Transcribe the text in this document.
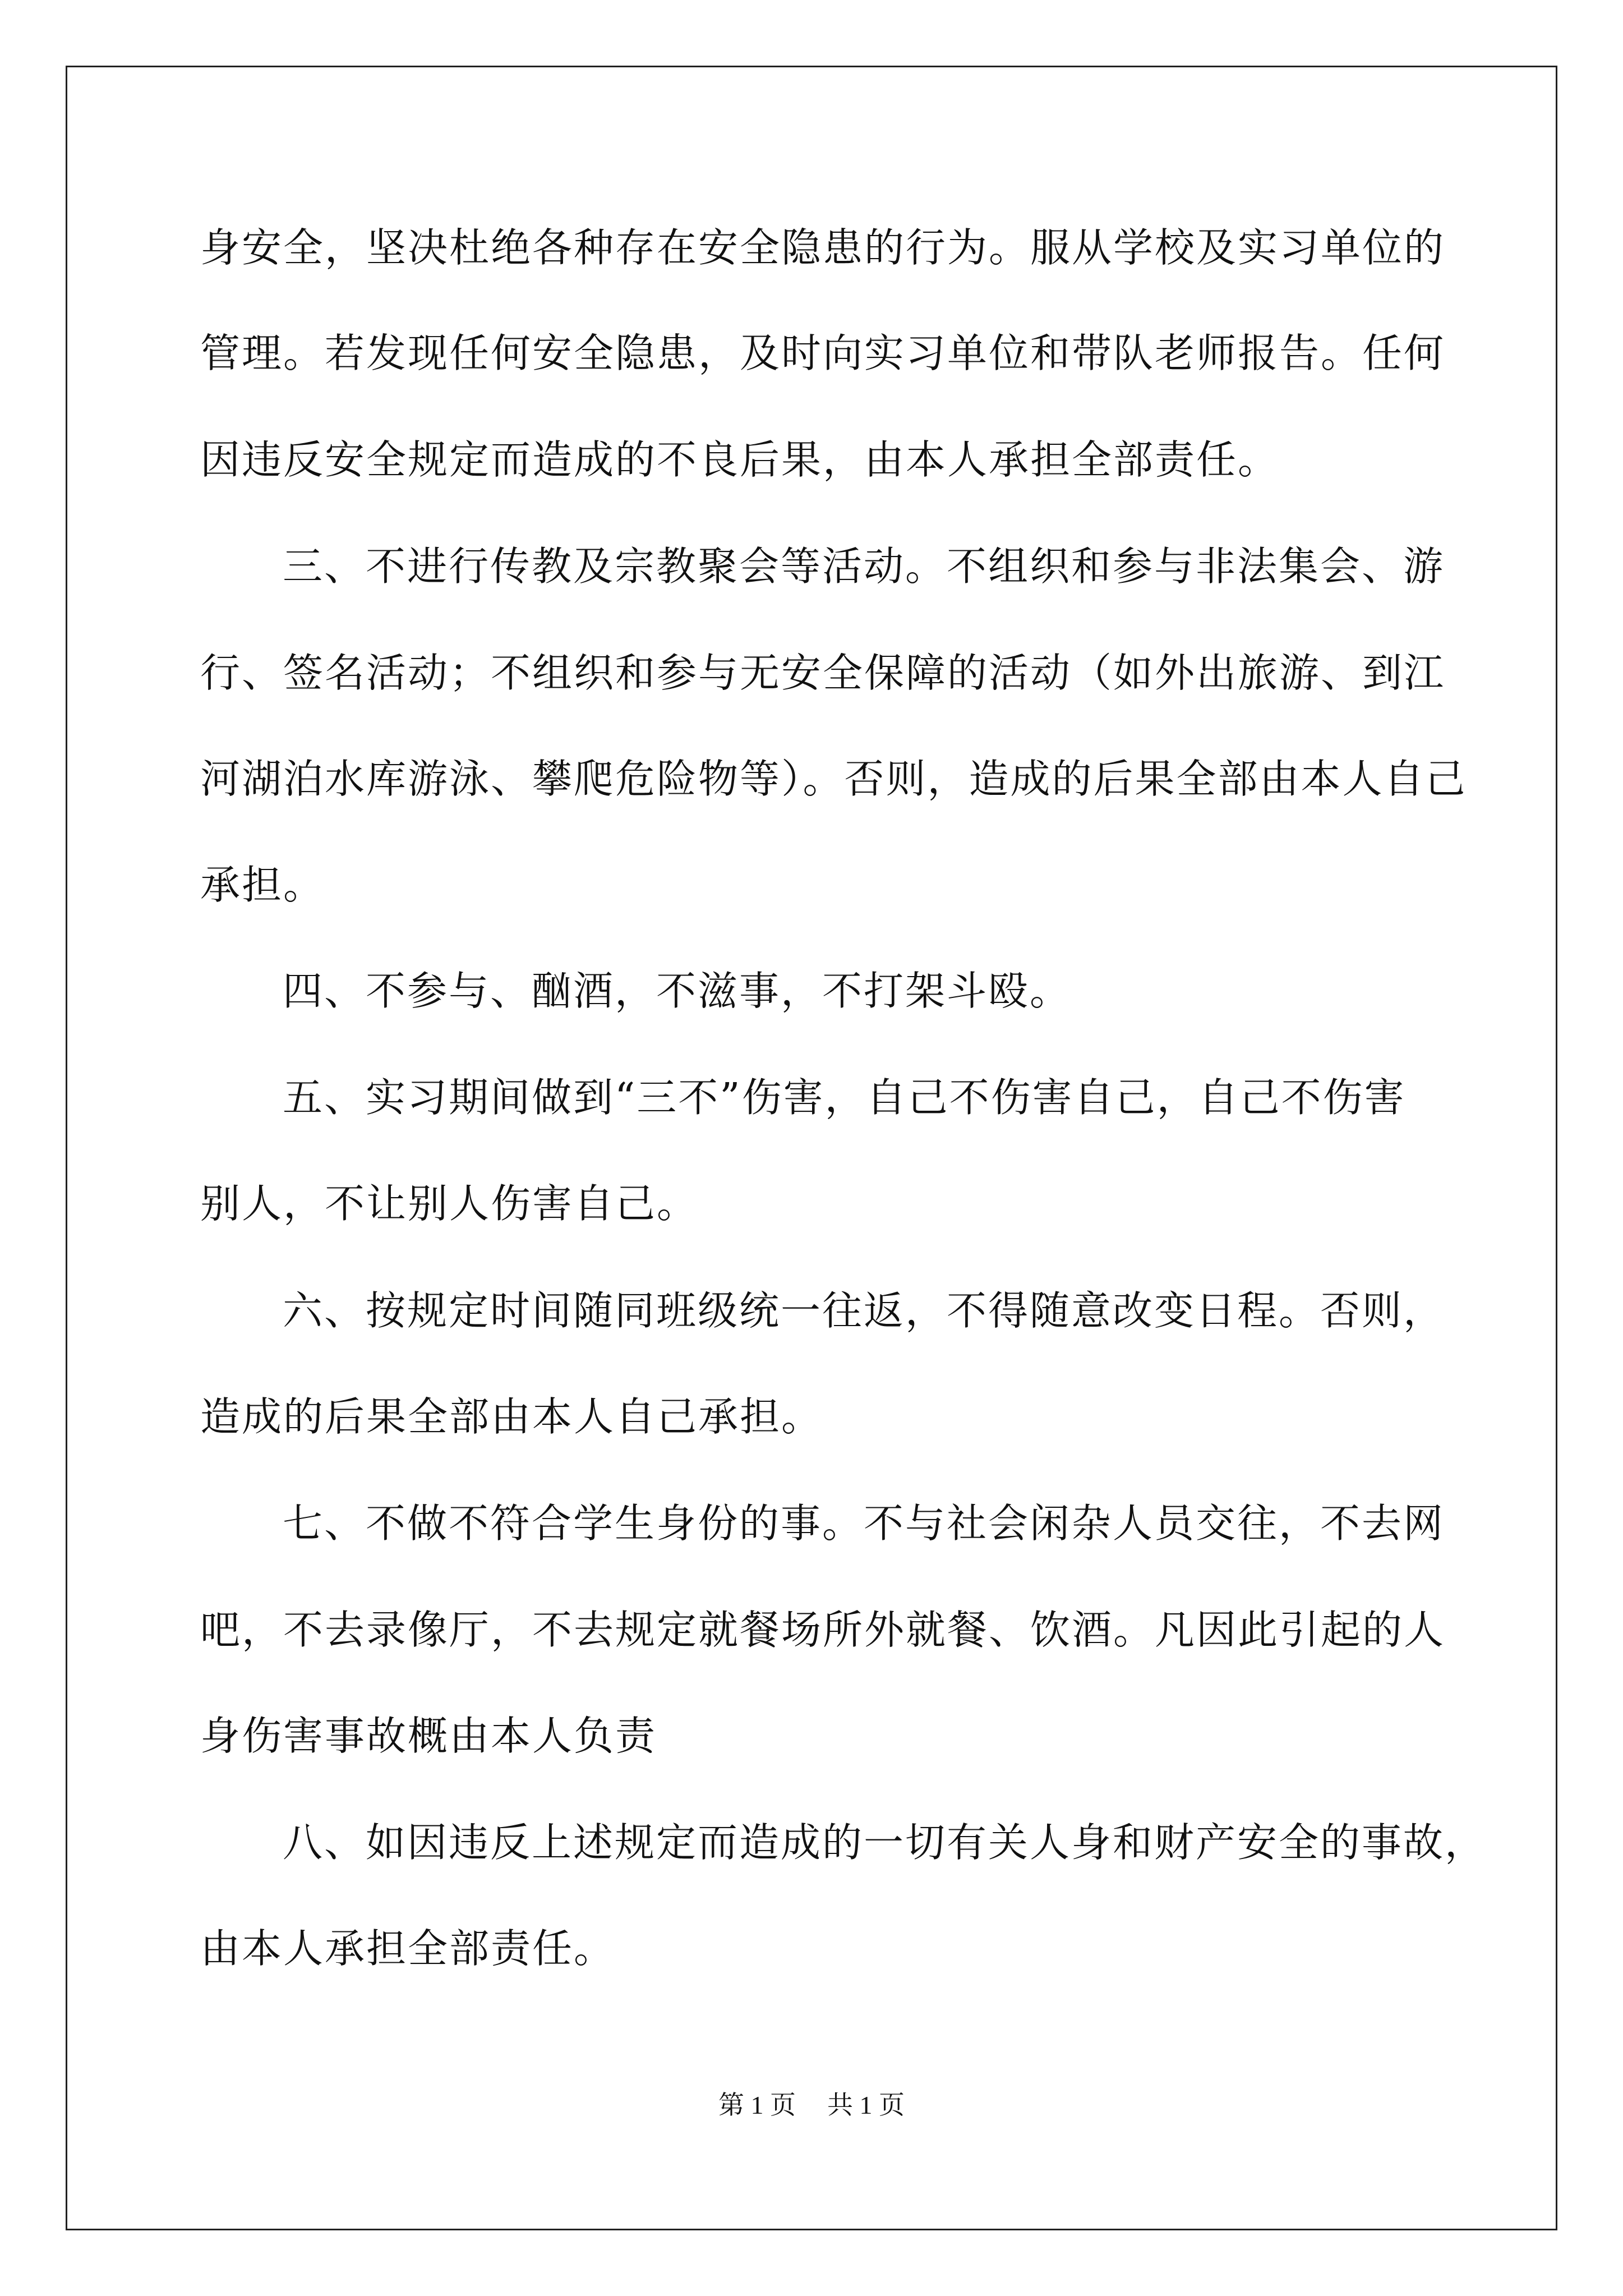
身安全，坚决杜绝各种存在安全隐患的行为。服从学校及实习单位的
管理。若发现任何安全隐患，及时向实习单位和带队老师报告。任何
因违反安全规定而造成的不良后果，由本人承担全部责任。
三、不进行传教及宗教聚会等活动。不组织和参与非法集会、游
行、签名活动；不组织和参与无安全保障的活动（如外出旅游、到江
河湖泊水库游泳、攀爬危险物等）。否则，造成的后果全部由本人自己
承担。
四、不参与、酗酒，不滋事，不打架斗殴。
五、实习期间做到“三不”伤害，自己不伤害自己，自己不伤害
别人，不让别人伤害自己。
六、按规定时间随同班级统一往返，不得随意改变日程。否则，
造成的后果全部由本人自己承担。
七、不做不符合学生身份的事。不与社会闲杂人员交往，不去网
吧，不去录像厅，不去规定就餐场所外就餐、饮酒。凡因此引起的人
身伤害事故概由本人负责
八、如因违反上述规定而造成的一切有关人身和财产安全的事故，
由本人承担全部责任。
第 1 页 共 1 页
